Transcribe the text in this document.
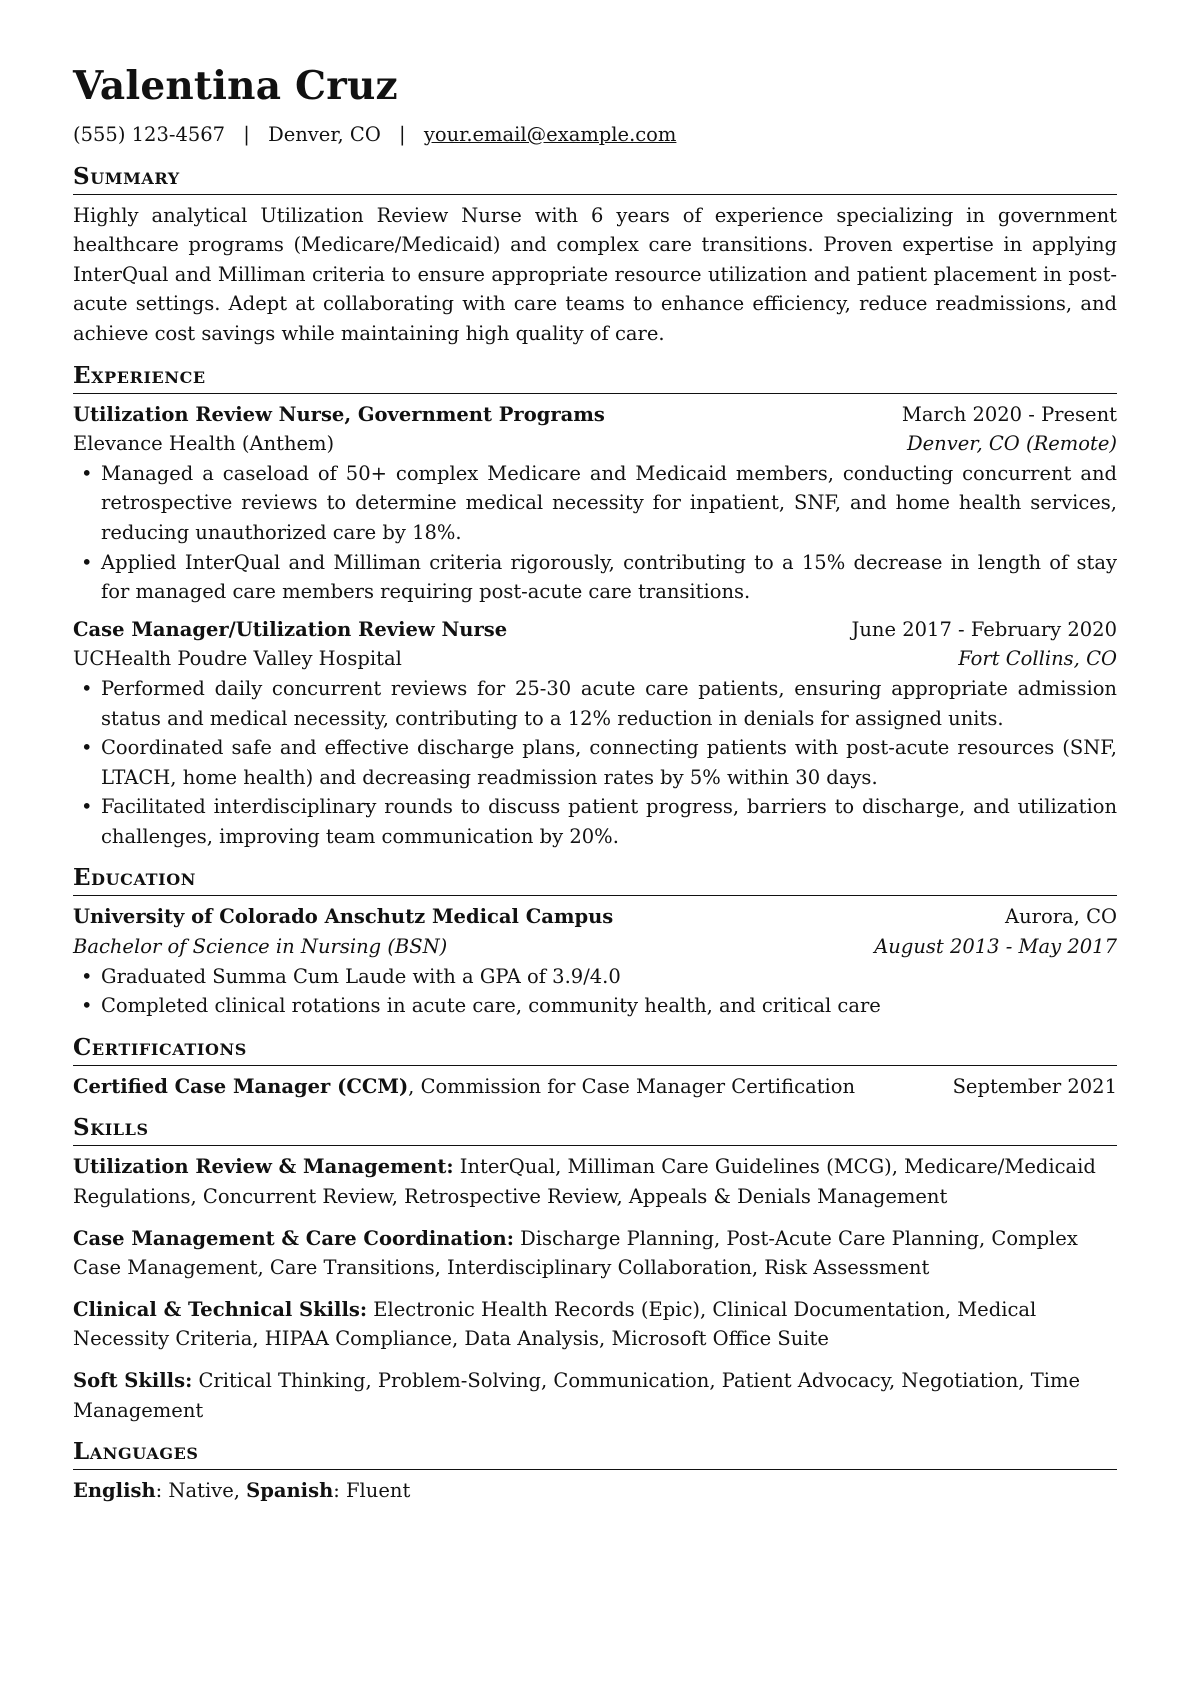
Valentina Cruz
(555) 123-4567 | Denver, CO | your.email@example.com
Summary
Highly analytical Utilization Review Nurse with 6 years of experience specializing in government healthcare programs (Medicare/Medicaid) and complex care transitions. Proven expertise in applying InterQual and Milliman criteria to ensure appropriate resource utilization and patient placement in post-acute settings. Adept at collaborating with care teams to enhance efficiency, reduce readmissions, and achieve cost savings while maintaining high quality of care.
Experience
Utilization Review Nurse, Government Programs	March 2020 - Present
Elevance Health (Anthem)	Denver, CO (Remote)
• Managed a caseload of 50+ complex Medicare and Medicaid members, conducting concurrent and retrospective reviews to determine medical necessity for inpatient, SNF, and home health services, reducing unauthorized care by 18%.
• Applied InterQual and Milliman criteria rigorously, contributing to a 15% decrease in length of stay for managed care members requiring post-acute care transitions.
Case Manager/Utilization Review Nurse	June 2017 - February 2020
UCHealth Poudre Valley Hospital	Fort Collins, CO
• Performed daily concurrent reviews for 25-30 acute care patients, ensuring appropriate admission status and medical necessity, contributing to a 12% reduction in denials for assigned units.
• Coordinated safe and effective discharge plans, connecting patients with post-acute resources (SNF, LTACH, home health) and decreasing readmission rates by 5% within 30 days.
• Facilitated interdisciplinary rounds to discuss patient progress, barriers to discharge, and utilization challenges, improving team communication by 20%.
Education
University of Colorado Anschutz Medical Campus	Aurora, CO
Bachelor of Science in Nursing (BSN)	August 2013 - May 2017
• Graduated Summa Cum Laude with a GPA of 3.9/4.0
• Completed clinical rotations in acute care, community health, and critical care
Certifications
Certified Case Manager (CCM), Commission for Case Manager Certification	September 2021
Skills
Utilization Review & Management: InterQual, Milliman Care Guidelines (MCG), Medicare/Medicaid Regulations, Concurrent Review, Retrospective Review, Appeals & Denials Management
Case Management & Care Coordination: Discharge Planning, Post-Acute Care Planning, Complex Case Management, Care Transitions, Interdisciplinary Collaboration, Risk Assessment
Clinical & Technical Skills: Electronic Health Records (Epic), Clinical Documentation, Medical Necessity Criteria, HIPAA Compliance, Data Analysis, Microsoft Office Suite
Soft Skills: Critical Thinking, Problem-Solving, Communication, Patient Advocacy, Negotiation, Time Management
Languages
English: Native, Spanish: Fluent
